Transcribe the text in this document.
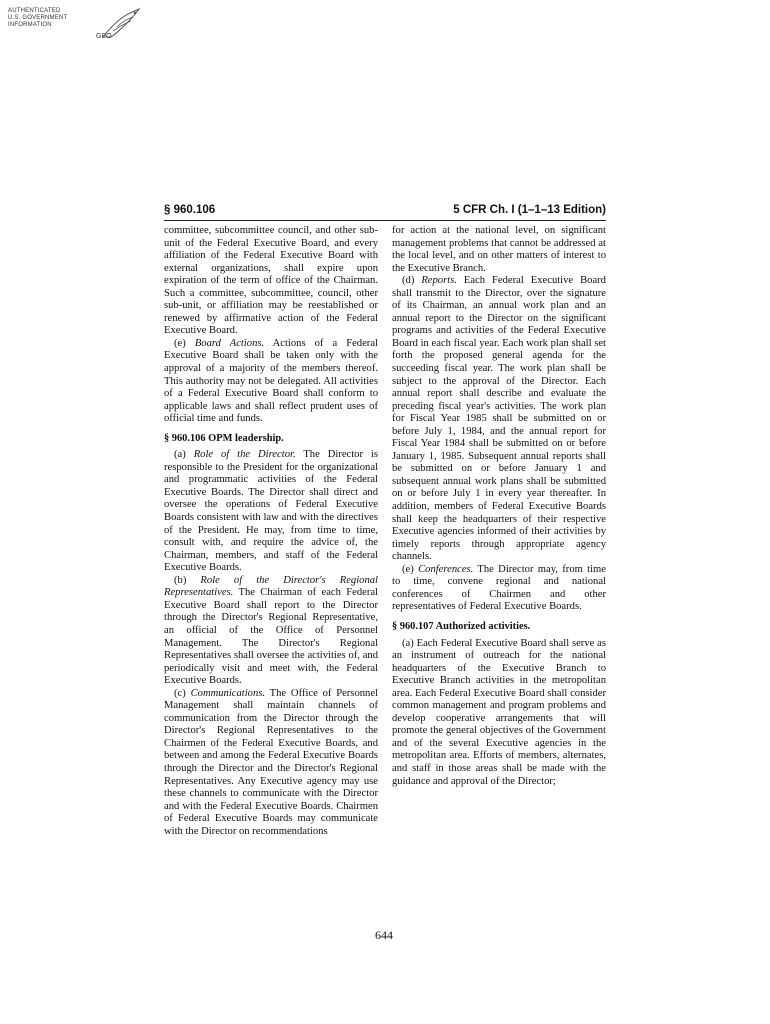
AUTHENTICATED
U.S. GOVERNMENT
INFORMATION
GPO
§ 960.106	5 CFR Ch. I (1–1–13 Edition)

committee, subcommittee council, and other sub-unit of the Federal Executive Board, and every affiliation of the Federal Executive Board with external organizations, shall expire upon expiration of the term of office of the Chairman. Such a committee, subcommittee, council, other sub-unit, or affiliation may be reestablished or renewed by affirmative action of the Federal Executive Board.

(e) Board Actions. Actions of a Federal Executive Board shall be taken only with the approval of a majority of the members thereof. This authority may not be delegated. All activities of a Federal Executive Board shall conform to applicable laws and shall reflect prudent uses of official time and funds.

§ 960.106 OPM leadership.

(a) Role of the Director. The Director is responsible to the President for the organizational and programmatic activities of the Federal Executive Boards. The Director shall direct and oversee the operations of Federal Executive Boards consistent with law and with the directives of the President. He may, from time to time, consult with, and require the advice of, the Chairman, members, and staff of the Federal Executive Boards.

(b) Role of the Director's Regional Representatives. The Chairman of each Federal Executive Board shall report to the Director through the Director's Regional Representative, an official of the Office of Personnel Management. The Director's Regional Representatives shall oversee the activities of, and periodically visit and meet with, the Federal Executive Boards.

(c) Communications. The Office of Personnel Management shall maintain channels of communication from the Director through the Director's Regional Representatives to the Chairmen of the Federal Executive Boards, and between and among the Federal Executive Boards through the Director and the Director's Regional Representatives. Any Executive agency may use these channels to communicate with the Director and with the Federal Executive Boards. Chairmen of Federal Executive Boards may communicate with the Director on recommendations

for action at the national level, on significant management problems that cannot be addressed at the local level, and on other matters of interest to the Executive Branch.

(d) Reports. Each Federal Executive Board shall transmit to the Director, over the signature of its Chairman, an annual work plan and an annual report to the Director on the significant programs and activities of the Federal Executive Board in each fiscal year. Each work plan shall set forth the proposed general agenda for the succeeding fiscal year. The work plan shall be subject to the approval of the Director. Each annual report shall describe and evaluate the preceding fiscal year's activities. The work plan for Fiscal Year 1985 shall be submitted on or before July 1, 1984, and the annual report for Fiscal Year 1984 shall be submitted on or before January 1, 1985. Subsequent annual reports shall be submitted on or before January 1 and subsequent annual work plans shall be submitted on or before July 1 in every year thereafter. In addition, members of Federal Executive Boards shall keep the headquarters of their respective Executive agencies informed of their activities by timely reports through appropriate agency channels.

(e) Conferences. The Director may, from time to time, convene regional and national conferences of Chairmen and other representatives of Federal Executive Boards.

§ 960.107 Authorized activities.

(a) Each Federal Executive Board shall serve as an instrument of outreach for the national headquarters of the Executive Branch to Executive Branch activities in the metropolitan area. Each Federal Executive Board shall consider common management and program problems and develop cooperative arrangements that will promote the general objectives of the Government and of the several Executive agencies in the metropolitan area. Efforts of members, alternates, and staff in those areas shall be made with the guidance and approval of the Director;

644
